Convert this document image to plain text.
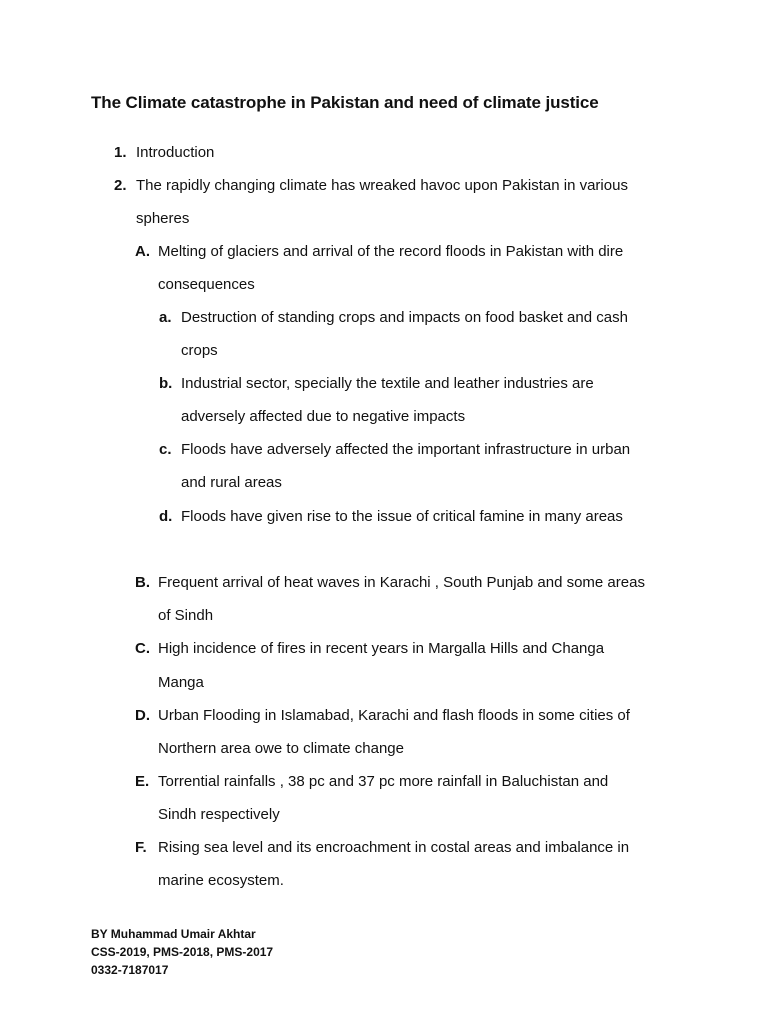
The Climate catastrophe in Pakistan and need of climate justice
1. Introduction
2. The rapidly changing climate has wreaked havoc upon Pakistan in various
spheres
A. Melting of glaciers and arrival of the record floods in Pakistan with dire
consequences
a. Destruction of standing crops and impacts on food basket and cash
crops
b. Industrial sector, specially the textile and leather industries are
adversely affected due to negative impacts
c. Floods have adversely affected the important infrastructure in urban
and rural areas
d. Floods have given rise to the issue of critical famine in many areas
B. Frequent arrival of heat waves in Karachi , South Punjab and some areas
of Sindh
C. High incidence of fires in recent years in Margalla Hills and Changa
Manga
D. Urban Flooding in Islamabad, Karachi and flash floods in some cities of
Northern area owe to climate change
E. Torrential rainfalls , 38 pc and 37 pc more rainfall in Baluchistan and
Sindh respectively
F. Rising sea level and its encroachment in costal areas and imbalance in
marine ecosystem.
BY Muhammad Umair Akhtar
CSS-2019, PMS-2018, PMS-2017
0332-7187017
